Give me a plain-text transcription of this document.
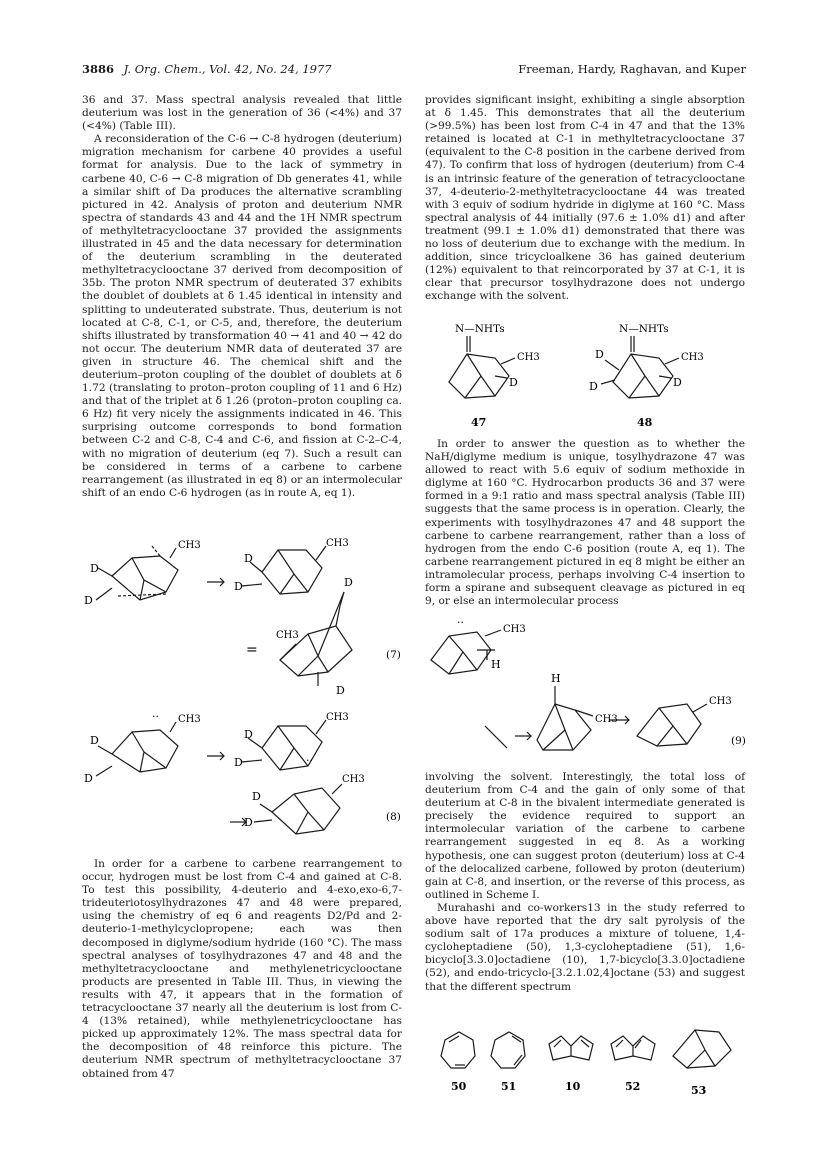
3886 J. Org. Chem., Vol. 42, No. 24, 1977	Freeman, Hardy, Raghavan, and Kuper

36 and 37. Mass spectral analysis revealed that little deuterium was lost in the generation of 36 (<4%) and 37 (<4%) (Table III).

A reconsideration of the C-6 → C-8 hydrogen (deuterium) migration mechanism for carbene 40 provides a useful format for analysis. Due to the lack of symmetry in carbene 40, C-6 → C-8 migration of Db generates 41, while a similar shift of Da produces the alternative scrambling pictured in 42. Analysis of proton and deuterium NMR spectra of standards 43 and 44 and the 1H NMR spectrum of methyltetracyclooctane 37 provided the assignments illustrated in 45 and the data necessary for determination of the deuterium scrambling in the deuterated methyltetracyclooctane 37 derived from decomposition of 35b. The proton NMR spectrum of deuterated 37 exhibits the doublet of doublets at δ 1.45 identical in intensity and splitting to undeuterated substrate. Thus, deuterium is not located at C-8, C-1, or C-5, and, therefore, the deuterium shifts illustrated by transformation 40 → 41 and 40 → 42 do not occur. The deuterium NMR data of deuterated 37 are given in structure 46. The chemical shift and the deuterium–proton coupling of the doublet of doublets at δ 1.72 (translating to proton–proton coupling of 11 and 6 Hz) and that of the triplet at δ 1.26 (proton–proton coupling ca. 6 Hz) fit very nicely the assignments indicated in 46. This surprising outcome corresponds to bond formation between C-2 and C-8, C-4 and C-6, and fission at C-2–C-4, with no migration of deuterium (eq 7). Such a result can be considered in terms of a carbene to carbene rearrangement (as illustrated in eq 8) or an intermolecular shift of an endo C-6 hydrogen (as in route A, eq 1).

D
D
CH3
D
D
CH3
=
CH3
D
D
(7)
··
D
D
CH3
D
D
CH3
··
D
D
CH3
(8)

In order for a carbene to carbene rearrangement to occur, hydrogen must be lost from C-4 and gained at C-8. To test this possibility, 4-deuterio and 4-exo,exo-6,7-trideuteriotosylhydrazones 47 and 48 were prepared, using the chemistry of eq 6 and reagents D2/Pd and 2-deuterio-1-methylcyclopropene; each was then decomposed in diglyme/sodium hydride (160 °C). The mass spectral analyses of tosylhydrazones 47 and 48 and the methyltetracyclooctane and methylenetricyclooctane products are presented in Table III. Thus, in viewing the results with 47, it appears that in the formation of tetracyclooctane 37 nearly all the deuterium is lost from C-4 (13% retained), while methylenetricyclooctane has picked up approximately 12%. The mass spectral data for the decomposition of 48 reinforce this picture. The deuterium NMR spectrum of methyltetracyclooctane 37 obtained from 47

provides significant insight, exhibiting a single absorption at δ 1.45. This demonstrates that all the deuterium (>99.5%) has been lost from C-4 in 47 and that the 13% retained is located at C-1 in methyltetracyclooctane 37 (equivalent to the C-8 position in the carbene derived from 47). To confirm that loss of hydrogen (deuterium) from C-4 is an intrinsic feature of the generation of tetracyclooctane 37, 4-deuterio-2-methyltetracyclooctane 44 was treated with 3 equiv of sodium hydride in diglyme at 160 °C. Mass spectral analysis of 44 initially (97.6 ± 1.0% d1) and after treatment (99.1 ± 1.0% d1) demonstrated that there was no loss of deuterium due to exchange with the medium. In addition, since tricycloalkene 36 has gained deuterium (12%) equivalent to that reincorporated by 37 at C-1, it is clear that precursor tosylhydrazone does not undergo exchange with the solvent.

N—NHTs
CH3
D
N—NHTs
CH3
D
D
D
47	48

In order to answer the question as to whether the NaH/diglyme medium is unique, tosylhydrazone 47 was allowed to react with 5.6 equiv of sodium methoxide in diglyme at 160 °C. Hydrocarbon products 36 and 37 were formed in a 9:1 ratio and mass spectral analysis (Table III) suggests that the same process is in operation. Clearly, the experiments with tosylhydrazones 47 and 48 support the carbene to carbene rearrangement, rather than a loss of hydrogen from the endo C-6 position (route A, eq 1). The carbene rearrangement pictured in eq 8 might be either an intramolecular process, perhaps involving C-4 insertion to form a spirane and subsequent cleavage as pictured in eq 9, or else an intermolecular process

··
CH3
H
H
CH3
CH3
(9)

involving the solvent. Interestingly, the total loss of deuterium from C-4 and the gain of only some of that deuterium at C-8 in the bivalent intermediate generated is precisely the evidence required to support an intermolecular variation of the carbene to carbene rearrangement suggested in eq 8. As a working hypothesis, one can suggest proton (deuterium) loss at C-4 of the delocalized carbene, followed by proton (deuterium) gain at C-8, and insertion, or the reverse of this process, as outlined in Scheme I.

Murahashi and co-workers13 in the study referred to above have reported that the dry salt pyrolysis of the sodium salt of 17a produces a mixture of toluene, 1,4-cycloheptadiene (50), 1,3-cycloheptadiene (51), 1,6-bicyclo[3.3.0]octadiene (10), 1,7-bicyclo[3.3.0]octadiene (52), and endo-tricyclo-[3.2.1.02,4]octane (53) and suggest that the different spectrum

50	51	10	52	53
